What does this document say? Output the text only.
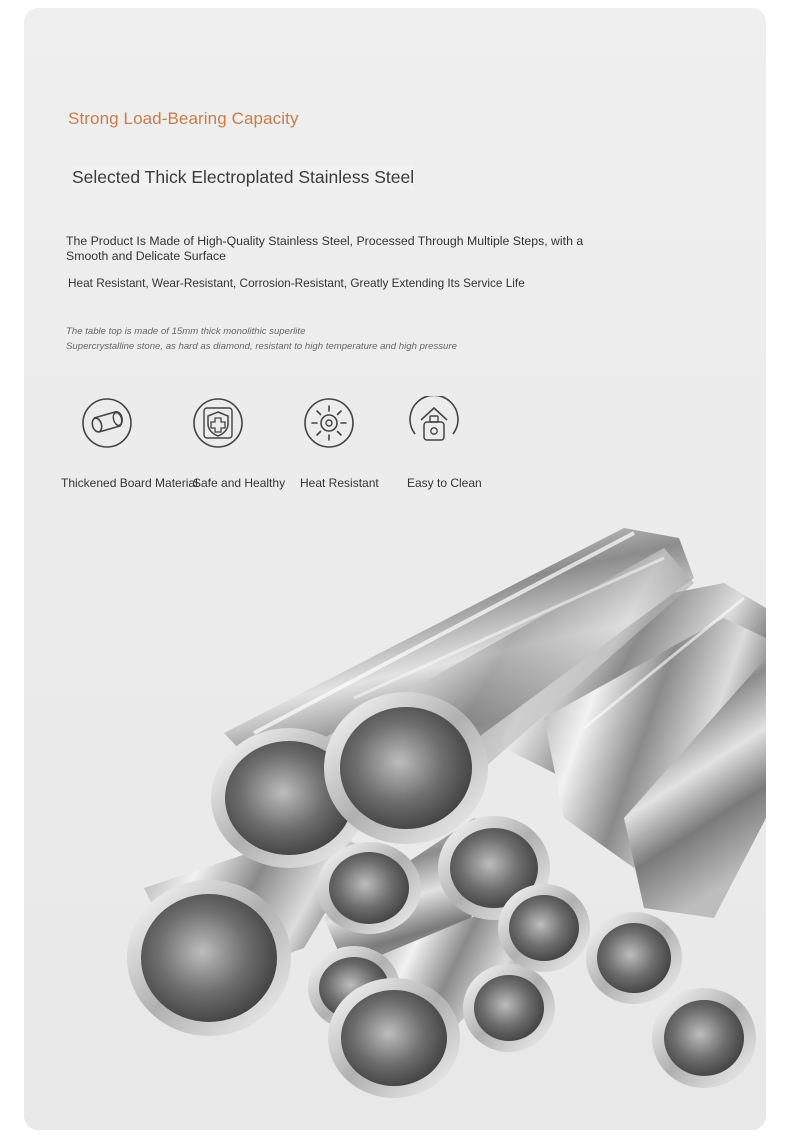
Strong Load-Bearing Capacity
Selected Thick Electroplated Stainless Steel

The Product Is Made of High-Quality Stainless Steel, Processed Through Multiple Steps, with a Smooth and Delicate Surface

Heat Resistant, Wear-Resistant, Corrosion-Resistant, Greatly Extending Its Service Life

The table top is made of 15mm thick monolithic superlite
Supercrystalline stone, as hard as diamond, resistant to high temperature and high pressure
Thickened Board Material
Safe and Healthy Heat Resistant Easy to Clean
